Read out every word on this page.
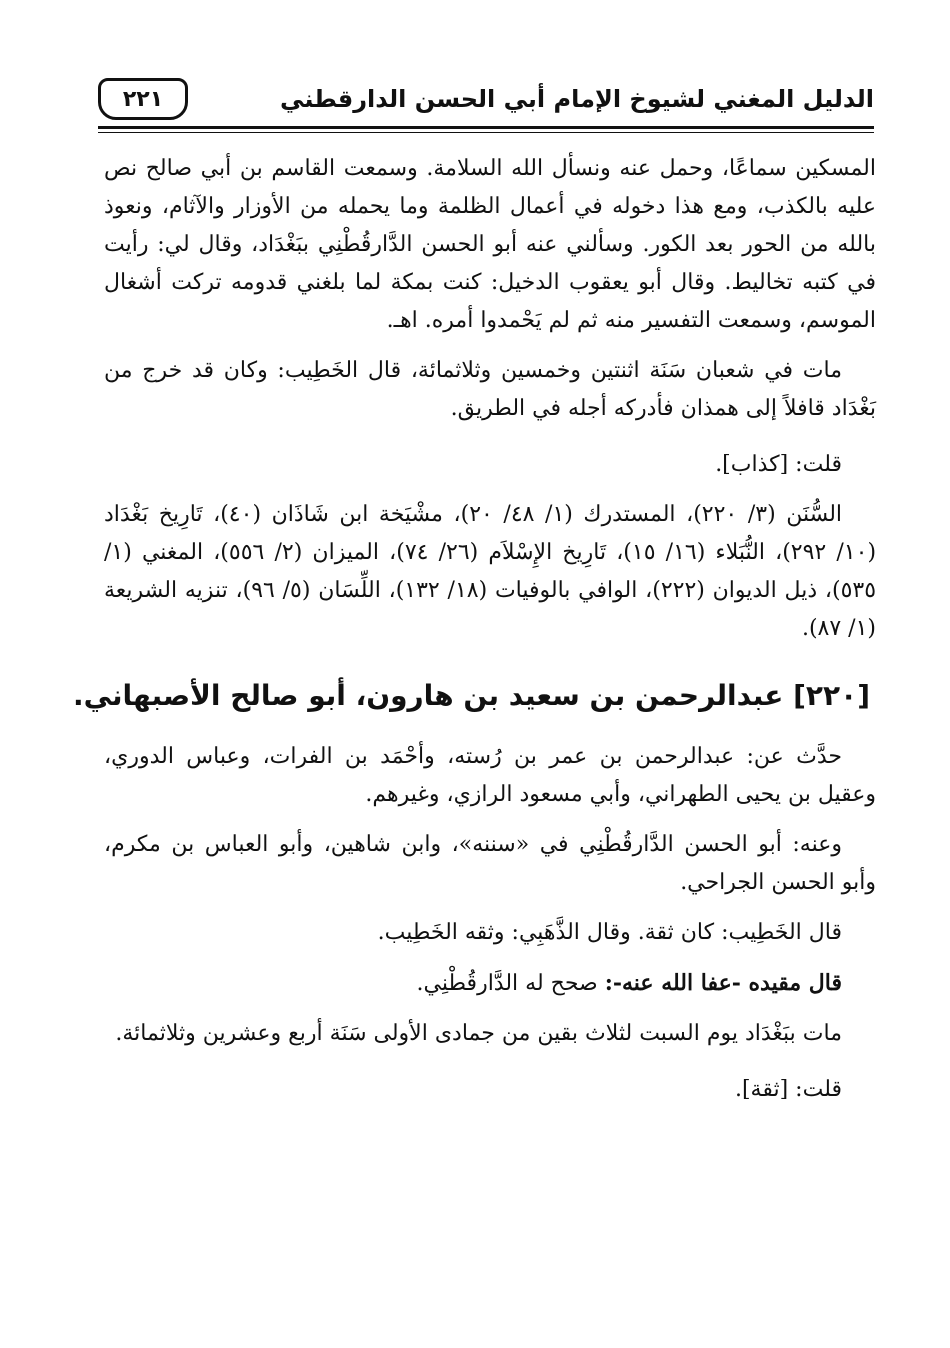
الدليل المغني لشيوخ الإمام أبي الحسن الدارقطني
٢٢١

المسكين سماعًا، وحمل عنه ونسأل الله السلامة. وسمعت القاسم بن أبي صالح نص عليه بالكذب، ومع هذا دخوله في أعمال الظلمة وما يحمله من الأوزار والآثام، ونعوذ بالله من الحور بعد الكور. وسألني عنه أبو الحسن الدَّارقُطْنِي ببَغْدَاد، وقال لي: رأيت في كتبه تخاليط. وقال أبو يعقوب الدخيل: كنت بمكة لما بلغني قدومه تركت أشغال الموسم، وسمعت التفسير منه ثم لم يَحْمدوا أمره. اهـ.

مات في شعبان سَنَة اثنتين وخمسين وثلاثمائة، قال الخَطِيب: وكان قد خرج من بَغْدَاد قافلاً إلى همذان فأدركه أجله في الطريق.

قلت: [كذاب].

السُّنَن (٣/ ٢٢٠)، المستدرك (١/ ٤٨/ ٢٠)، مشْيَخة ابن شَاذَان (٤٠)، تَارِيخ بَغْدَاد (١٠/ ٢٩٢)، النُّبَلاء (١٦/ ١٥)، تَارِيخ الإِسْلاَم (٢٦/ ٧٤)، الميزان (٢/ ٥٥٦)، المغني (١/ ٥٣٥)، ذيل الديوان (٢٢٢)، الوافي بالوفيات (١٨/ ١٣٢)، اللِّسَان (٥/ ٩٦)، تنزيه الشريعة (١/ ٨٧).

[٢٢٠] عبدالرحمن بن سعيد بن هارون، أبو صالح الأصبهاني.

حدَّث عن: عبدالرحمن بن عمر بن رُسته، وأحْمَد بن الفرات، وعباس الدوري، وعقيل بن يحيى الطهراني، وأبي مسعود الرازي، وغيرهم.

وعنه: أبو الحسن الدَّارقُطْنِي في «سننه»، وابن شاهين، وأبو العباس بن مكرم، وأبو الحسن الجراحي.

قال الخَطِيب: كان ثقة. وقال الذَّهَبِي: وثقه الخَطِيب.

قال مقيده -عفا الله عنه-: صحح له الدَّارقُطْنِي.

مات ببَغْدَاد يوم السبت لثلاث بقين من جمادى الأولى سَنَة أربع وعشرين وثلاثمائة.

قلت: [ثقة].
